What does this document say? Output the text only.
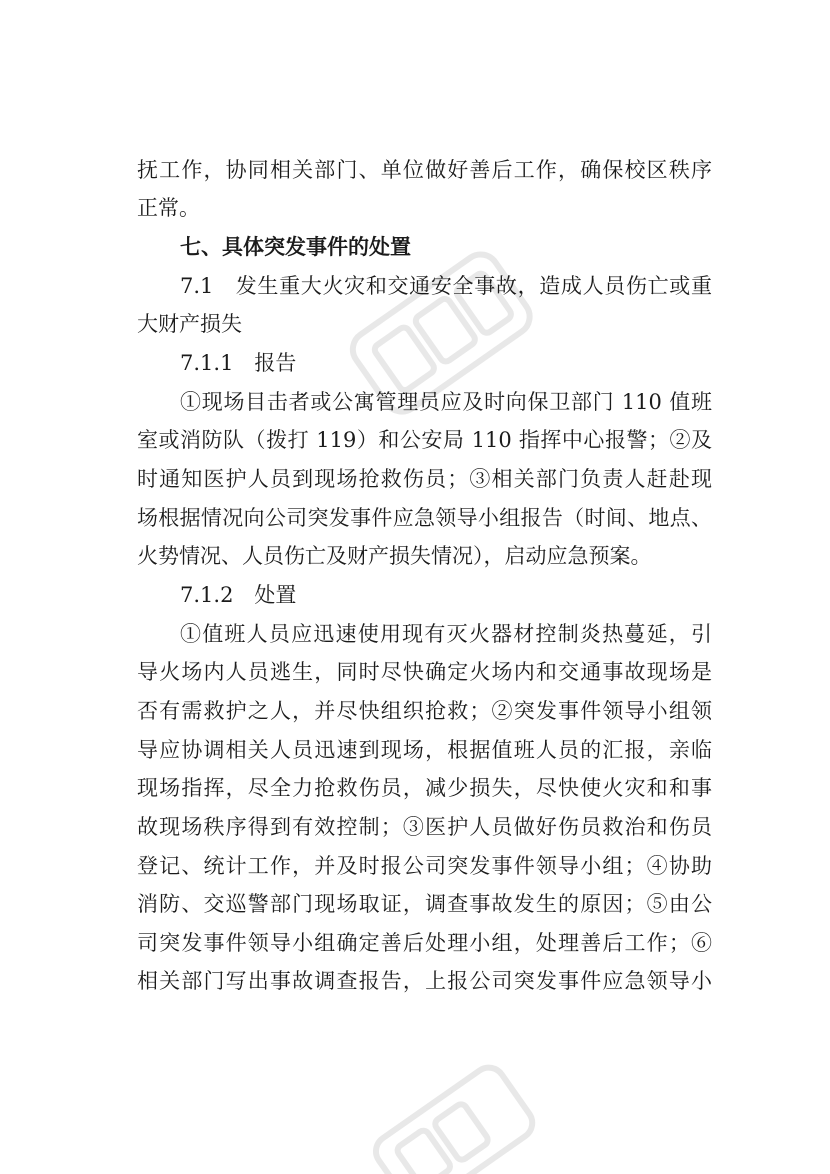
抚工作，协同相关部门、单位做好善后工作，确保校区秩序
正常。
七、具体突发事件的处置
7.1　发生重大火灾和交通安全事故，造成人员伤亡或重
大财产损失
7.1.1　报告
①现场目击者或公寓管理员应及时向保卫部门 110 值班
室或消防队（拨打 119）和公安局 110 指挥中心报警；②及
时通知医护人员到现场抢救伤员；③相关部门负责人赶赴现
场根据情况向公司突发事件应急领导小组报告（时间、地点、
火势情况、人员伤亡及财产损失情况），启动应急预案。
7.1.2　处置
①值班人员应迅速使用现有灭火器材控制炎热蔓延，引
导火场内人员逃生，同时尽快确定火场内和交通事故现场是
否有需救护之人，并尽快组织抢救；②突发事件领导小组领
导应协调相关人员迅速到现场，根据值班人员的汇报，亲临
现场指挥，尽全力抢救伤员，减少损失，尽快使火灾和和事
故现场秩序得到有效控制；③医护人员做好伤员救治和伤员
登记、统计工作，并及时报公司突发事件领导小组；④协助
消防、交巡警部门现场取证，调查事故发生的原因；⑤由公
司突发事件领导小组确定善后处理小组，处理善后工作；⑥
相关部门写出事故调查报告，上报公司突发事件应急领导小
